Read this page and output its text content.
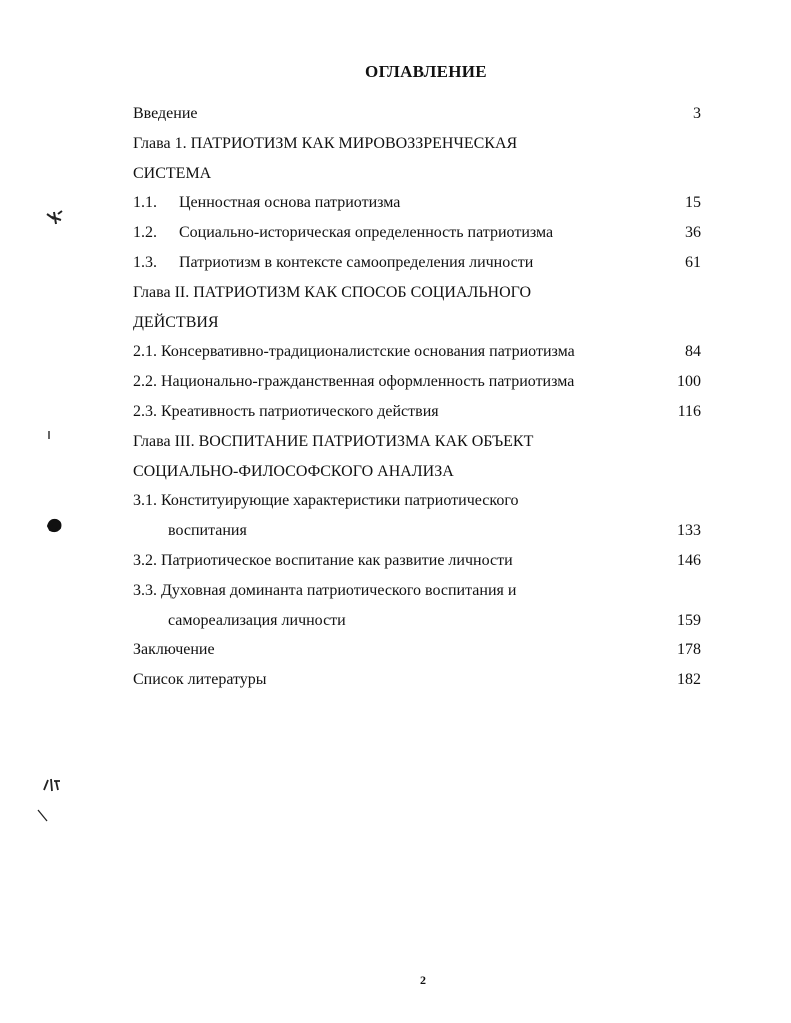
ОГЛАВЛЕНИЕ
Введение	3
Глава 1. ПАТРИОТИЗМ КАК МИРОВОЗЗРЕНЧЕСКАЯ
СИСТЕМА
1.1. Ценностная основа патриотизма	15
1.2. Социально-историческая определенность патриотизма	36
1.3. Патриотизм в контексте самоопределения личности	61
Глава II. ПАТРИОТИЗМ КАК СПОСОБ СОЦИАЛЬНОГО
ДЕЙСТВИЯ
2.1. Консервативно-традиционалистские основания патриотизма	84
2.2. Национально-гражданственная оформленность патриотизма	100
2.3. Креативность патриотического действия	116
Глава III. ВОСПИТАНИЕ ПАТРИОТИЗМА КАК ОБЪЕКТ
СОЦИАЛЬНО-ФИЛОСОФСКОГО АНАЛИЗА
3.1. Конституирующие характеристики патриотического
воспитания	133
3.2. Патриотическое воспитание как развитие личности	146
3.3. Духовная доминанта патриотического воспитания и
самореализация личности	159
Заключение	178
Список литературы	182
2
